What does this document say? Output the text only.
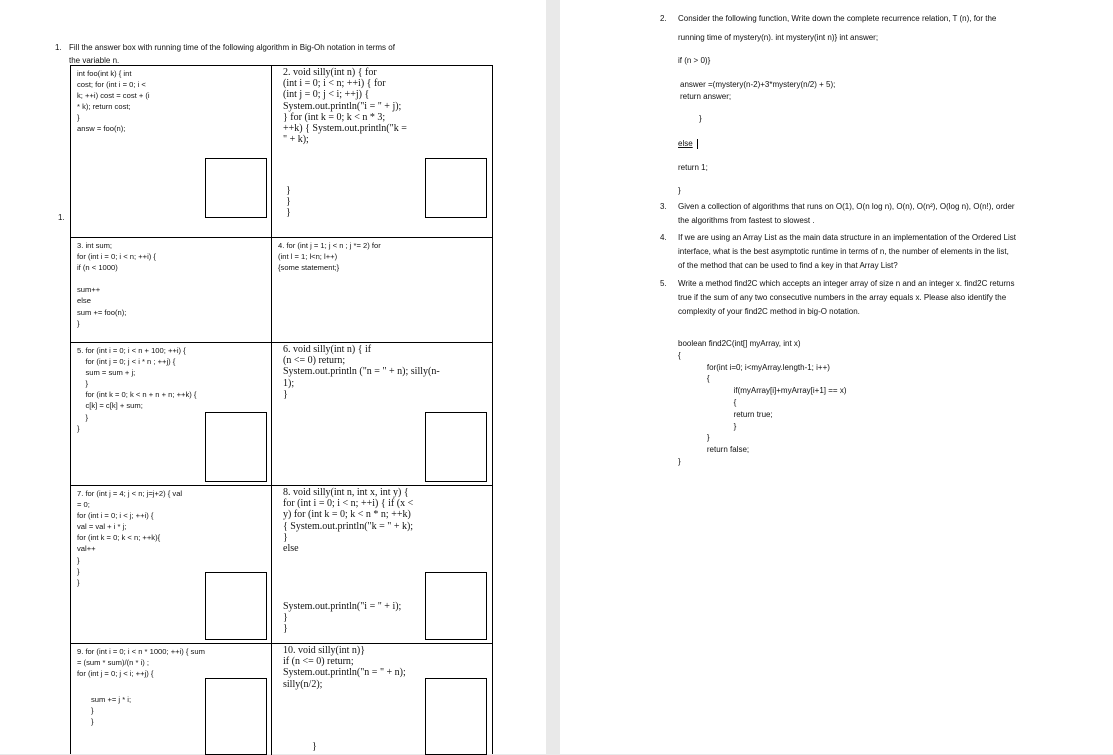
1. Fill the answer box with running time of the following algorithm in Big-Oh notation in terms of
the variable n.
1.
int foo(int k) { int
cost; for (int i = 0; i <
k; ++i) cost = cost + (i
* k); return cost;
}
answ = foo(n);
2. void silly(int n) { for
(int i = 0; i < n; ++i) { for
(int j = 0; j < i; ++j) {
System.out.println("i = " + j);
} for (int k = 0; k < n * 3;
++k) { System.out.println("k =
" + k);
}
}
}
3. int sum;
for (int i = 0; i < n; ++i) {
if (n < 1000)

sum++
else
sum += foo(n);
}
4. for (int j = 1; j < n ; j *= 2) for
(int l = 1; l<n; l++)
{some statement;}
5. for (int i = 0; i < n + 100; ++i) {
for (int j = 0; j < i * n ; ++j) {
sum = sum + j;
}
for (int k = 0; k < n + n + n; ++k) {
c[k] = c[k] + sum;
}
}
6. void silly(int n) { if
(n <= 0) return;
System.out.println ("n = " + n); silly(n-
1);
}
7. for (int j = 4; j < n; j=j+2) { val
= 0;
for (int i = 0; i < j; ++i) {
val = val + i * j;
for (int k = 0; k < n; ++k){
val++
}
}
}
8. void silly(int n, int x, int y) {
for (int i = 0; i < n; ++i) { if (x <
y) for (int k = 0; k < n * n; ++k)
{ System.out.println("k = " + k);
}
else
System.out.println("i = " + i);
}
}
9. for (int i = 0; i < n * 1000; ++i) { sum
= (sum * sum)/(n * i) ;
for (int j = 0; j < i; ++j) {
sum += j * i;
}
}
10. void silly(int n)}
if (n <= 0) return;
System.out.println("n = " + n);
silly(n/2);
}
2. Consider the following function, Write down the complete recurrence relation, T (n), for the
running time of mystery(n). int mystery(int n)} int answer;
if (n > 0)}
answer =(mystery(n-2)+3*mystery(n/2) + 5);
return answer;
}
else
return 1;
}
3. Given a collection of algorithms that runs on O(1), O(n log n), O(n), O(n²), O(log n), O(n!), order
the algorithms from fastest to slowest .
4. If we are using an Array List as the main data structure in an implementation of the Ordered List
interface, what is the best asymptotic runtime in terms of n, the number of elements in the list,
of the method that can be used to find a key in that Array List?
5. Write a method find2C which accepts an integer array of size n and an integer x. find2C returns
true if the sum of any two consecutive numbers in the array equals x. Please also identify the
complexity of your find2C method in big-O notation.
boolean find2C(int[] myArray, int x)
{
for(int i=0; i<myArray.length-1; i++)
{
if(myArray[i]+myArray[i+1] == x)
{
return true;
}
}
return false;
}
